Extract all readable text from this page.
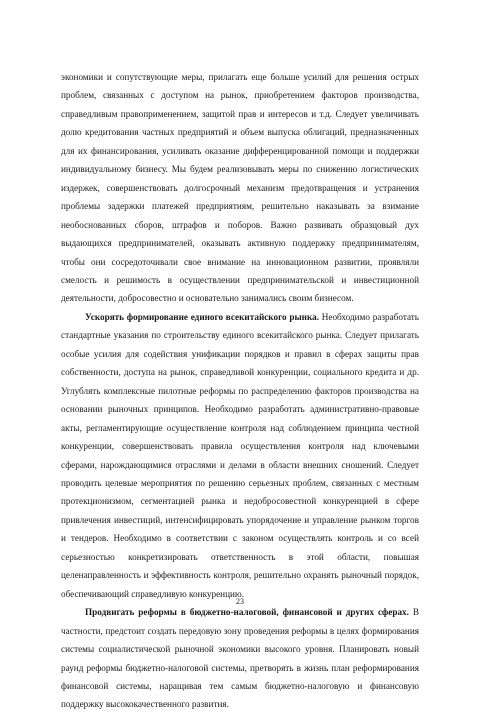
экономики и сопутствующие меры, прилагать еще больше усилий для решения острых проблем, связанных с доступом на рынок, приобретением факторов производства, справедливым правоприменением, защитой прав и интересов и т.д. Следует увеличивать долю кредитования частных предприятий и объем выпуска облигаций, предназначенных для их финансирования, усиливать оказание дифференцированной помощи и поддержки индивидуальному бизнесу. Мы будем реализовывать меры по снижению логистических издержек, совершенствовать долгосрочный механизм предотвращения и устранения проблемы задержки платежей предприятиям, решительно наказывать за взимание необоснованных сборов, штрафов и поборов. Важно развивать образцовый дух выдающихся предпринимателей, оказывать активную поддержку предпринимателям, чтобы они сосредоточивали свое внимание на инновационном развитии, проявляли смелость и решимость в осуществлении предпринимательской и инвестиционной деятельности, добросовестно и основательно занимались своим бизнесом.

Ускорять формирование единого всекитайского рынка. Необходимо разработать стандартные указания по строительству единого всекитайского рынка. Следует прилагать особые усилия для содействия унификации порядков и правил в сферах защиты прав собственности, доступа на рынок, справедливой конкуренции, социального кредита и др. Углублять комплексные пилотные реформы по распределению факторов производства на основании рыночных принципов. Необходимо разработать административно-правовые акты, регламентирующие осуществление контроля над соблюдением принципа честной конкуренции, совершенствовать правила осуществления контроля над ключевыми сферами, нарождающимися отраслями и делами в области внешних сношений. Следует проводить целевые мероприятия по решению серьезных проблем, связанных с местным протекционизмом, сегментацией рынка и недобросовестной конкуренцией в сфере привлечения инвестиций, интенсифицировать упорядочение и управление рынком торгов и тендеров. Необходимо в соответствии с законом осуществлять контроль и со всей серьезностью конкретизировать ответственность в этой области, повышая целенаправленность и эффективность контроля, решительно охранять рыночный порядок, обеспечивающий справедливую конкуренцию.

Продвигать реформы в бюджетно-налоговой, финансовой и других сферах. В частности, предстоит создать передовую зону проведения реформы в целях формирования системы социалистической рыночной экономики высокого уровня. Планировать новый раунд реформы бюджетно-налоговой системы, претворять в жизнь план реформирования финансовой системы, наращивая тем самым бюджетно-налоговую и финансовую поддержку высококачественного развития.

23
